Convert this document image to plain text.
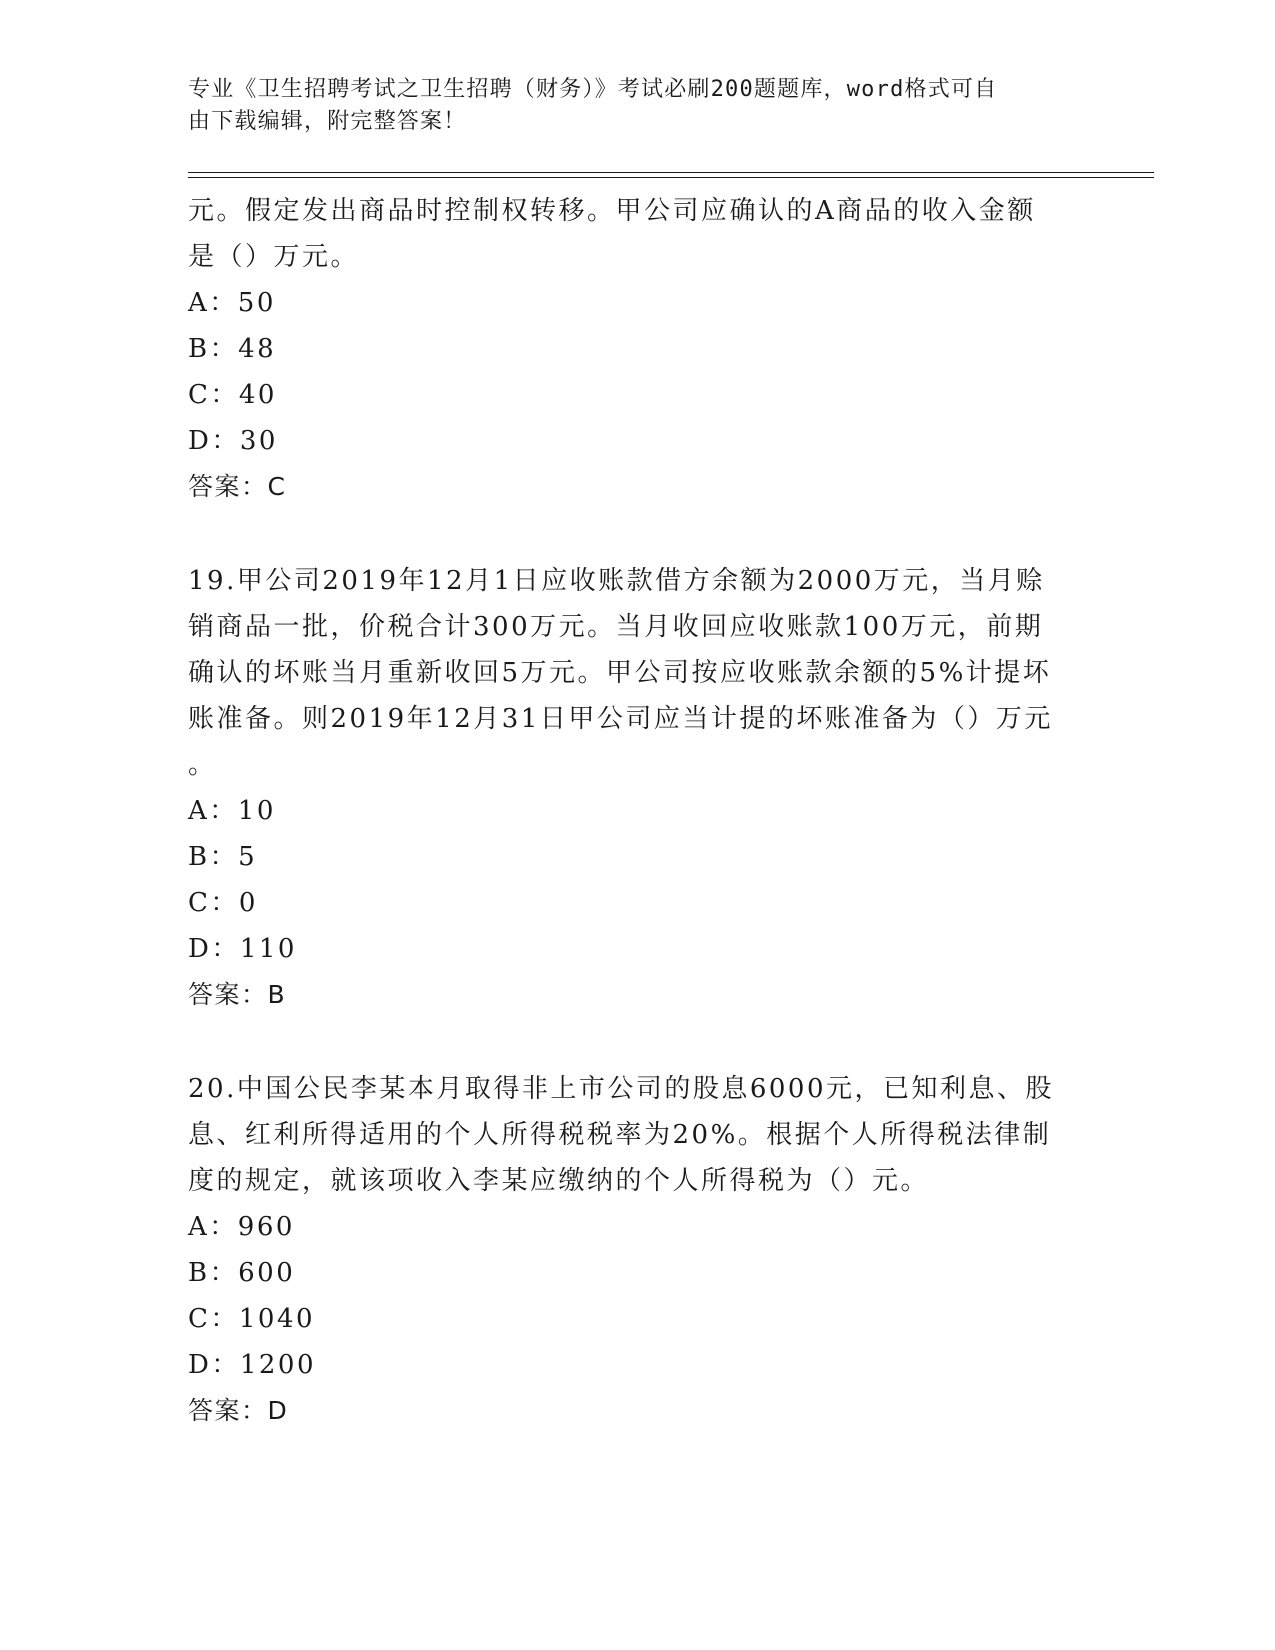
专业《卫生招聘考试之卫生招聘（财务）》考试必刷200题题库，word格式可自
由下载编辑，附完整答案！
元。假定发出商品时控制权转移。甲公司应确认的A商品的收入金额
是（）万元。
A：50
B：48
C：40
D：30
答案：C
19.甲公司2019年12月1日应收账款借方余额为2000万元，当月赊
销商品一批，价税合计300万元。当月收回应收账款100万元，前期
确认的坏账当月重新收回5万元。甲公司按应收账款余额的5%计提坏
账准备。则2019年12月31日甲公司应当计提的坏账准备为（）万元
。
A：10
B：5
C：0
D：110
答案：B
20.中国公民李某本月取得非上市公司的股息6000元，已知利息、股
息、红利所得适用的个人所得税税率为20%。根据个人所得税法律制
度的规定，就该项收入李某应缴纳的个人所得税为（）元。
A：960
B：600
C：1040
D：1200
答案：D
